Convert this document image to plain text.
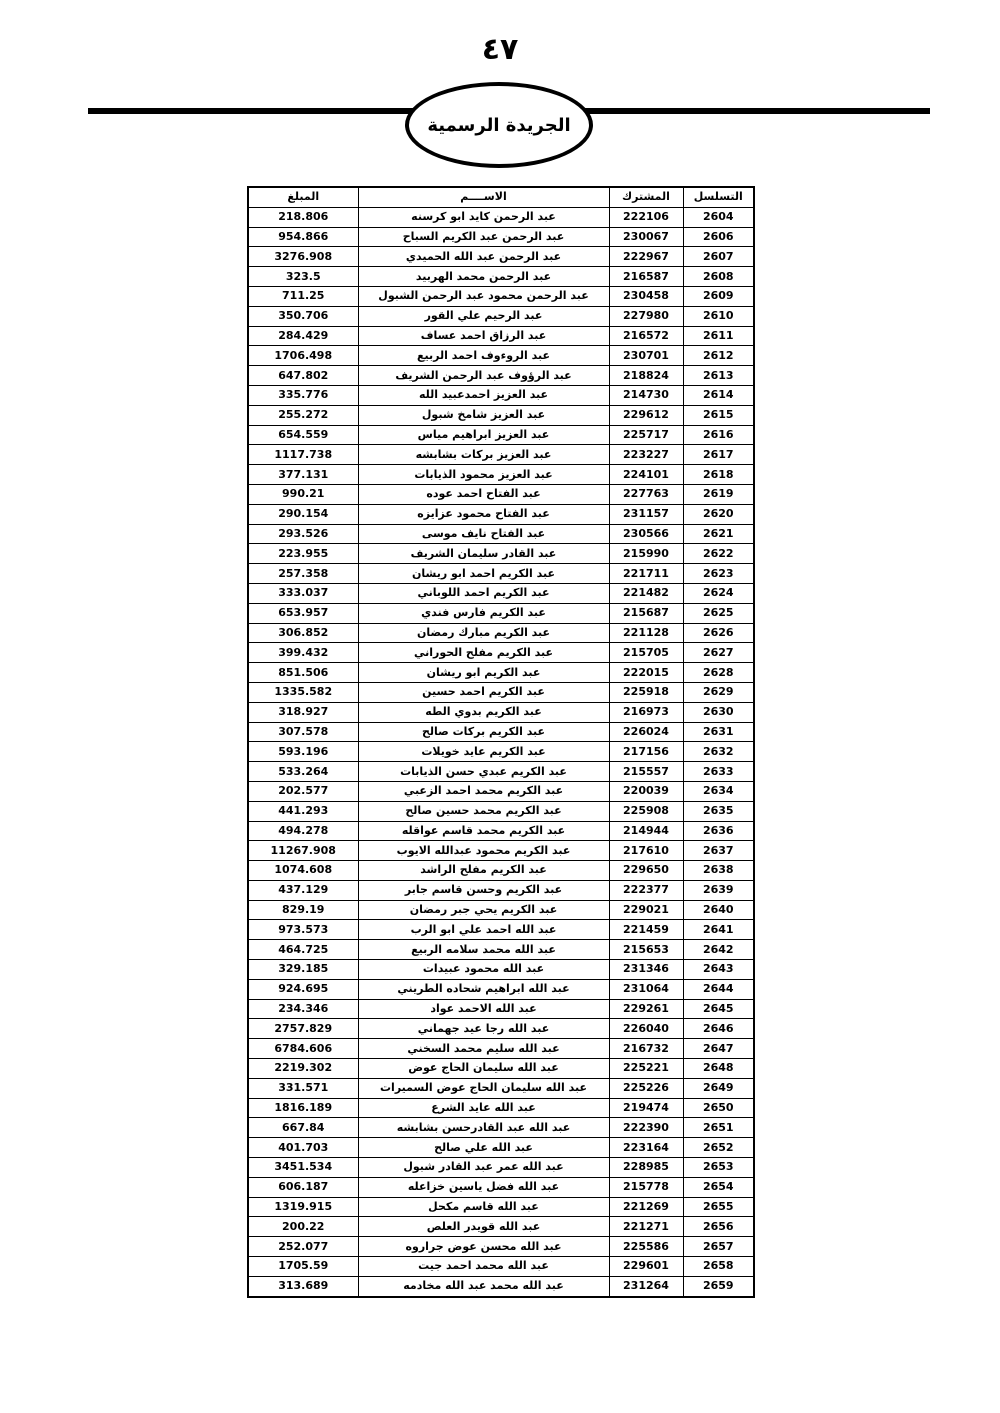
٤٧
الجريدة الرسمية
التسلسل	المشترك	الاســــم	المبلغ
2604	222106	عبد الرحمن كايد ابو كرسنه	218.806
2606	230067	عبد الرحمن عبد الكريم السباح	954.866
2607	222967	عبد الرحمن عبد الله الحميدي	3276.908
2608	216587	عبد الرحمن محمد الهربيد	323.5
2609	230458	عبد الرحمن محمود عبد الرحمن الشبول	711.25
2610	227980	عبد الرحيم علي القور	350.706
2611	216572	عبد الرزاق احمد عساف	284.429
2612	230701	عبد الروءوف احمد الربيع	1706.498
2613	218824	عبد الرؤوف عبد الرحمن الشريف	647.802
2614	214730	عبد العزيز احمدعبيد الله	335.776
2615	229612	عبد العزيز شامخ شبول	255.272
2616	225717	عبد العزيز ابراهيم مياس	654.559
2617	223227	عبد العزيز بركات بشابشه	1117.738
2618	224101	عبد العزيز محمود الذيابات	377.131
2619	227763	عبد الفتاح احمد عوده	990.21
2620	231157	عبد الفتاح محمود عزايزه	290.154
2621	230566	عبد الفتاح نايف موسى	293.526
2622	215990	عبد القادر سليمان الشريف	223.955
2623	221711	عبد الكريم احمد ابو ريشان	257.358
2624	221482	عبد الكريم احمد اللوباني	333.037
2625	215687	عبد الكريم فارس فندي	653.957
2626	221128	عبد الكريم مبارك رمضان	306.852
2627	215705	عبد الكريم مفلح الحوراني	399.432
2628	222015	عبد الكريم ابو ريشان	851.506
2629	225918	عبد الكريم احمد حسين	1335.582
2630	216973	عبد الكريم بدوي الطه	318.927
2631	226024	عبد الكريم بركات صالح	307.578
2632	217156	عبد الكريم عايد خويلات	593.196
2633	215557	عبد الكريم عبدي حسن الذيابات	533.264
2634	220039	عبد الكريم محمد احمد الزعبي	202.577
2635	225908	عبد الكريم محمد حسين صالح	441.293
2636	214944	عبد الكريم محمد قاسم عواقله	494.278
2637	217610	عبد الكريم محمود عبدالله الايوب	11267.908
2638	229650	عبد الكريم مفلح الراشد	1074.608
2639	222377	عبد الكريم وحسن قاسم جابر	437.129
2640	229021	عبد الكريم يحي جبر رمضان	829.19
2641	221459	عبد الله احمد علي ابو الرب	973.573
2642	215653	عبد الله محمد سلامه الربيع	464.725
2643	231346	عبد الله محمود عبيدات	329.185
2644	231064	عبد الله ابراهيم شحاده الطريني	924.695
2645	229261	عبد الله الاحمد عواد	234.346
2646	226040	عبد الله رجا عيد جهماني	2757.829
2647	216732	عبد الله سليم محمد السخني	6784.606
2648	225221	عبد الله سليمان الحاج عوض	2219.302
2649	225226	عبد الله سليمان الحاج عوض السميرات	331.571
2650	219474	عبد الله عايد الشرع	1816.189
2651	222390	عبد الله عبد القادرحسن بشابشه	667.84
2652	223164	عبد الله علي صالح	401.703
2653	228985	عبد الله عمر عبد القادر شبول	3451.534
2654	215778	عبد الله فضل ياسين خزاعله	606.187
2655	221269	عبد الله قاسم مكحل	1319.915
2656	221271	عبد الله قويدر العلص	200.22
2657	225586	عبد الله محسن عوض جراروه	252.077
2658	229601	عبد الله محمد احمد جيت	1705.59
2659	231264	عبد الله محمد عبد الله مخادمه	313.689
